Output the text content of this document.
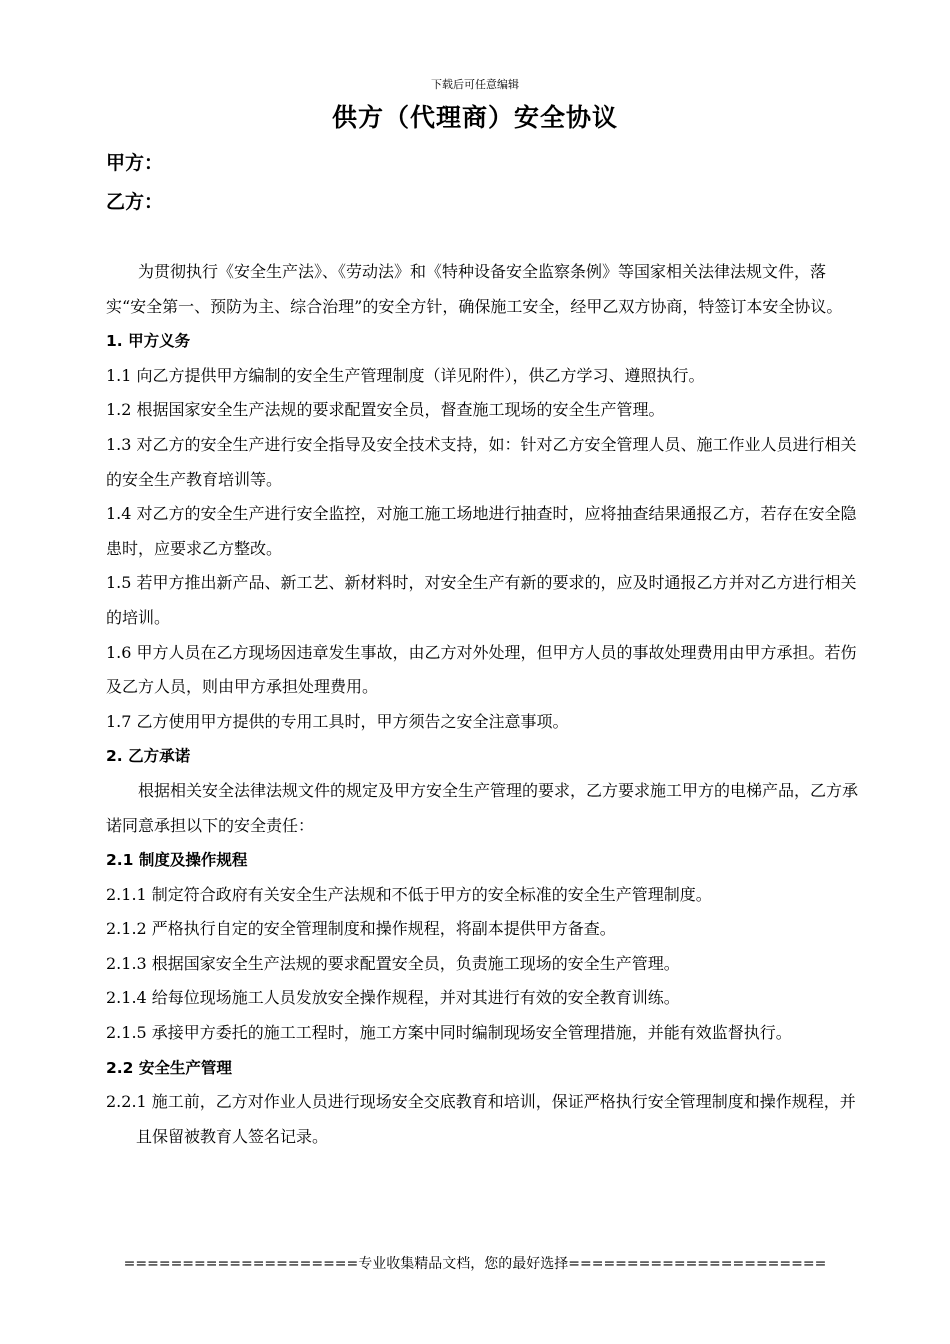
下载后可任意编辑
供方（代理商）安全协议
甲方：
乙方：

为贯彻执行《安全生产法》、《劳动法》和《特种设备安全监察条例》等国家相关法律法规文件，落实“安全第一、预防为主、综合治理”的安全方针，确保施工安全，经甲乙双方协商，特签订本安全协议。

1. 甲方义务

1.1 向乙方提供甲方编制的安全生产管理制度（详见附件），供乙方学习、遵照执行。

1.2 根据国家安全生产法规的要求配置安全员，督查施工现场的安全生产管理。

1.3 对乙方的安全生产进行安全指导及安全技术支持，如：针对乙方安全管理人员、施工作业人员进行相关的安全生产教育培训等。

1.4 对乙方的安全生产进行安全监控，对施工施工场地进行抽查时，应将抽查结果通报乙方，若存在安全隐患时，应要求乙方整改。

1.5 若甲方推出新产品、新工艺、新材料时，对安全生产有新的要求的，应及时通报乙方并对乙方进行相关的培训。

1.6 甲方人员在乙方现场因违章发生事故，由乙方对外处理，但甲方人员的事故处理费用由甲方承担。若伤及乙方人员，则由甲方承担处理费用。

1.7 乙方使用甲方提供的专用工具时，甲方须告之安全注意事项。

2. 乙方承诺

根据相关安全法律法规文件的规定及甲方安全生产管理的要求，乙方要求施工甲方的电梯产品，乙方承诺同意承担以下的安全责任：

2.1 制度及操作规程

2.1.1 制定符合政府有关安全生产法规和不低于甲方的安全标准的安全生产管理制度。

2.1.2 严格执行自定的安全管理制度和操作规程，将副本提供甲方备查。

2.1.3 根据国家安全生产法规的要求配置安全员，负责施工现场的安全生产管理。

2.1.4 给每位现场施工人员发放安全操作规程，并对其进行有效的安全教育训练。

2.1.5 承接甲方委托的施工工程时，施工方案中同时编制现场安全管理措施，并能有效监督执行。

2.2 安全生产管理

2.2.1 施工前，乙方对作业人员进行现场安全交底教育和培训，保证严格执行安全管理制度和操作规程，并且保留被教育人签名记录。

====================专业收集精品文档，您的最好选择======================
